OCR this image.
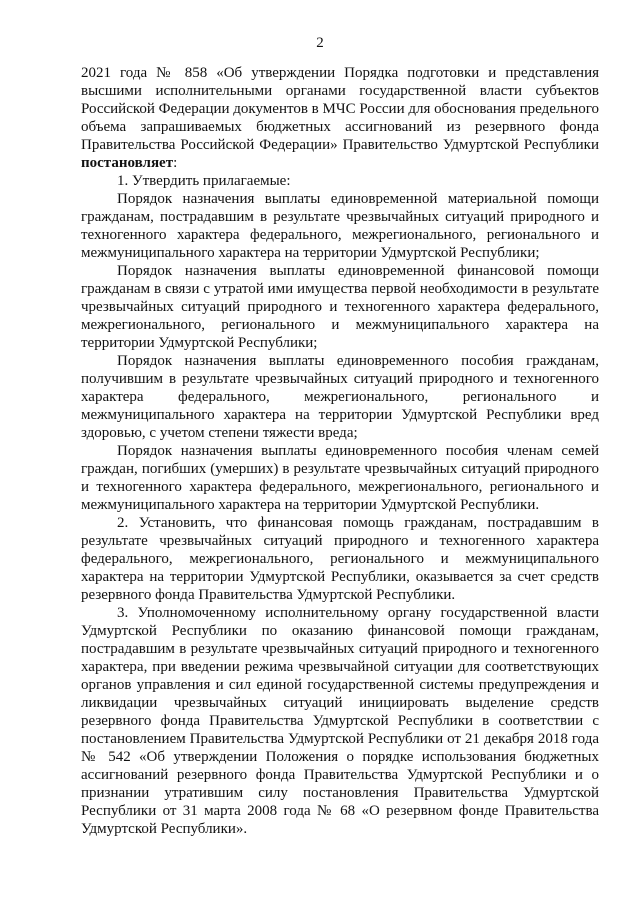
2

2021 года № 858 «Об утверждении Порядка подготовки и представления высшими исполнительными органами государственной власти субъектов Российской Федерации документов в МЧС России для обоснования предельного объема запрашиваемых бюджетных ассигнований из резервного фонда Правительства Российской Федерации» Правительство Удмуртской Республики постановляет:

1. Утвердить прилагаемые:

Порядок назначения выплаты единовременной материальной помощи гражданам, пострадавшим в результате чрезвычайных ситуаций природного и техногенного характера федерального, межрегионального, регионального и межмуниципального характера на территории Удмуртской Республики;

Порядок назначения выплаты единовременной финансовой помощи гражданам в связи с утратой ими имущества первой необходимости в результате чрезвычайных ситуаций природного и техногенного характера федерального, межрегионального, регионального и межмуниципального характера на территории Удмуртской Республики;

Порядок назначения выплаты единовременного пособия гражданам, получившим в результате чрезвычайных ситуаций природного и техногенного характера федерального, межрегионального, регионального и межмуниципального характера на территории Удмуртской Республики вред здоровью, с учетом степени тяжести вреда;

Порядок назначения выплаты единовременного пособия членам семей граждан, погибших (умерших) в результате чрезвычайных ситуаций природного и техногенного характера федерального, межрегионального, регионального и межмуниципального характера на территории Удмуртской Республики.

2. Установить, что финансовая помощь гражданам, пострадавшим в результате чрезвычайных ситуаций природного и техногенного характера федерального, межрегионального, регионального и межмуниципального характера на территории Удмуртской Республики, оказывается за счет средств резервного фонда Правительства Удмуртской Республики.

3. Уполномоченному исполнительному органу государственной власти Удмуртской Республики по оказанию финансовой помощи гражданам, пострадавшим в результате чрезвычайных ситуаций природного и техногенного характера, при введении режима чрезвычайной ситуации для соответствующих органов управления и сил единой государственной системы предупреждения и ликвидации чрезвычайных ситуаций инициировать выделение средств резервного фонда Правительства Удмуртской Республики в соответствии с постановлением Правительства Удмуртской Республики от 21 декабря 2018 года № 542 «Об утверждении Положения о порядке использования бюджетных ассигнований резервного фонда Правительства Удмуртской Республики и о признании утратившим силу постановления Правительства Удмуртской Республики от 31 марта 2008 года № 68 «О резервном фонде Правительства Удмуртской Республики».
